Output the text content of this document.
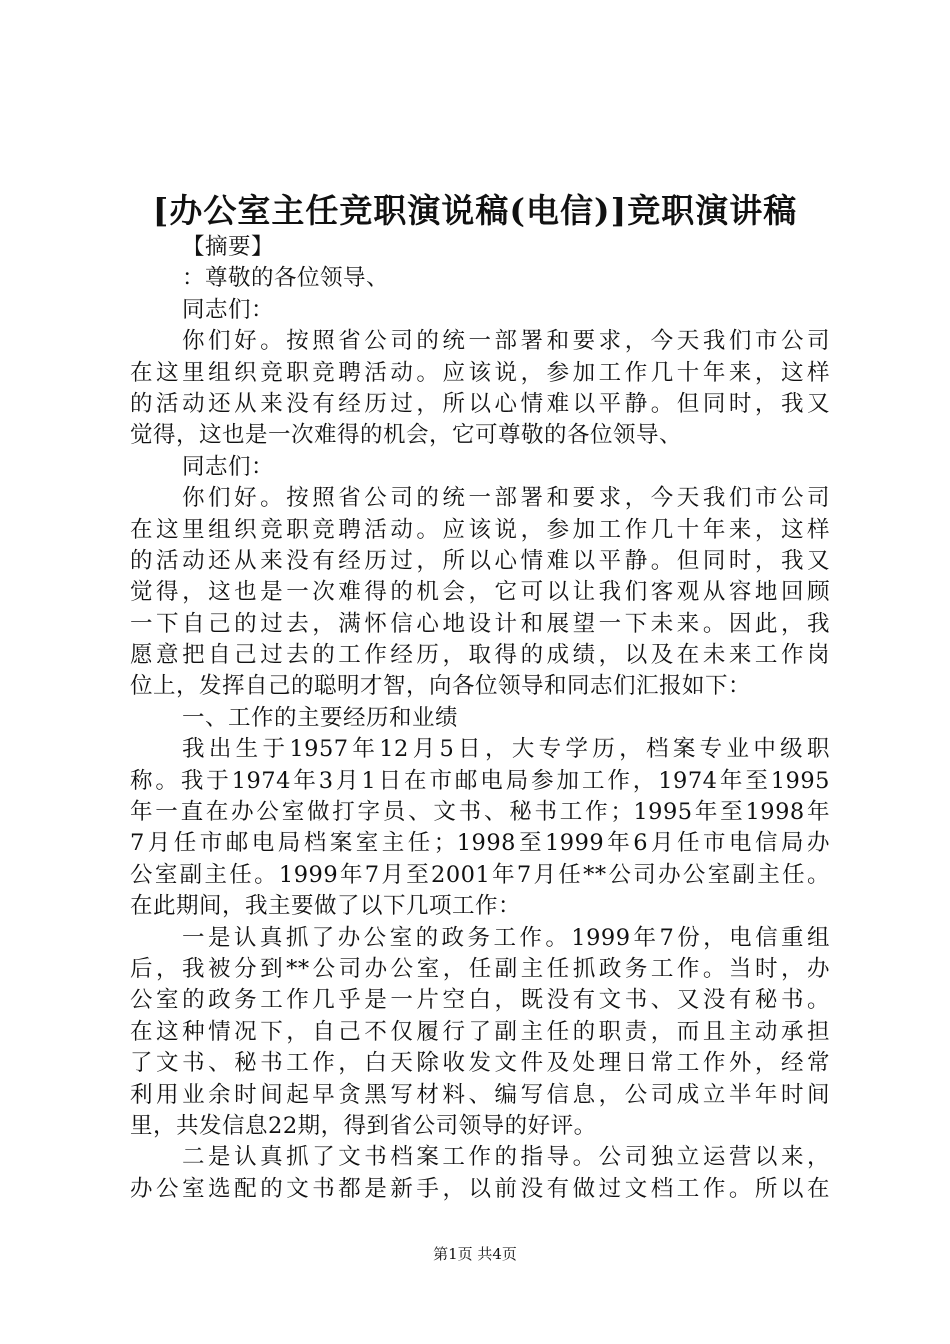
[办公室主任竞职演说稿(电信)]竞职演讲稿
【摘要】
：尊敬的各位领导、
同志们：
你们好。按照省公司的统一部署和要求，今天我们市公司
在这里组织竞职竞聘活动。应该说，参加工作几十年来，这样
的活动还从来没有经历过，所以心情难以平静。但同时，我又
觉得，这也是一次难得的机会，它可尊敬的各位领导、
同志们：
你们好。按照省公司的统一部署和要求，今天我们市公司
在这里组织竞职竞聘活动。应该说，参加工作几十年来，这样
的活动还从来没有经历过，所以心情难以平静。但同时，我又
觉得，这也是一次难得的机会，它可以让我们客观从容地回顾
一下自己的过去，满怀信心地设计和展望一下未来。因此，我
愿意把自己过去的工作经历，取得的成绩，以及在未来工作岗
位上，发挥自己的聪明才智，向各位领导和同志们汇报如下：
一、工作的主要经历和业绩
我出生于1957年12月5日，大专学历，档案专业中级职
称。我于1974年3月1日在市邮电局参加工作，1974年至1995
年一直在办公室做打字员、文书、秘书工作；1995年至1998年
7月任市邮电局档案室主任；1998至1999年6月任市电信局办
公室副主任。1999年7月至2001年7月任**公司办公室副主任。
在此期间，我主要做了以下几项工作：
一是认真抓了办公室的政务工作。1999年7份，电信重组
后，我被分到**公司办公室，任副主任抓政务工作。当时，办
公室的政务工作几乎是一片空白，既没有文书、又没有秘书。
在这种情况下，自己不仅履行了副主任的职责，而且主动承担
了文书、秘书工作，白天除收发文件及处理日常工作外，经常
利用业余时间起早贪黑写材料、编写信息，公司成立半年时间
里，共发信息22期，得到省公司领导的好评。
二是认真抓了文书档案工作的指导。公司独立运营以来，
办公室选配的文书都是新手，以前没有做过文档工作。所以在
第1页 共4页
